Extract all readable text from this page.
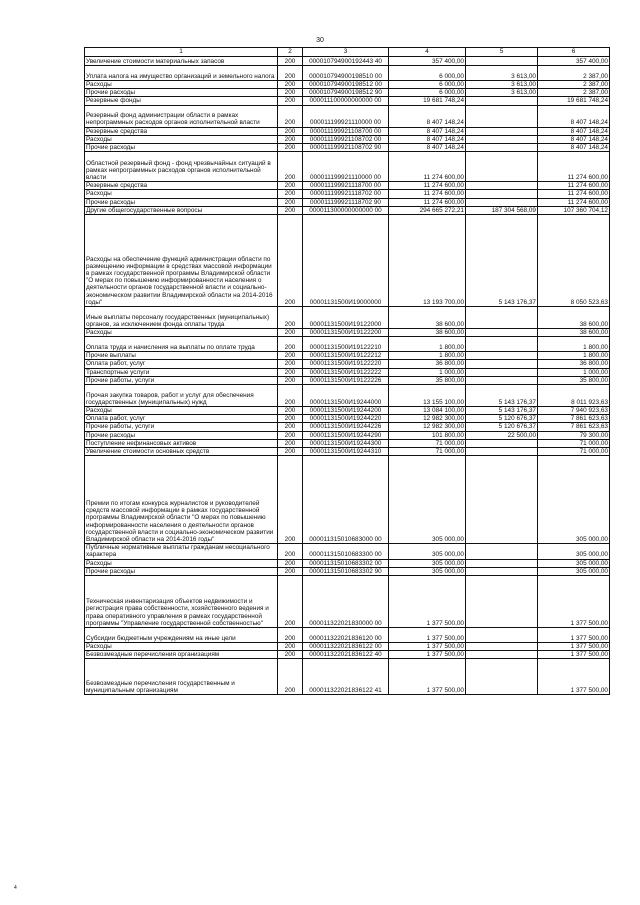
30
1	2	3	4	5	6
Увеличение стоимости материальных запасов	200	000010794900192443 40	357 400,00		357 400,00
Уплата налога на имущество организаций и земельного налога	200	000010794900198510 00	6 000,00	3 613,00	2 387,00
Расходы	200	000010794900198512 00	6 000,00	3 613,00	2 387,00
Прочие расходы	200	000010794900198512 90	6 000,00	3 613,00	2 387,00
Резервные фонды	200	000011100000000000 00	19 681 748,24		19 681 748,24
Резервный фонд администрации области в рамках непрограммных расходов органов исполнительной власти	200	000011199921110000 00	8 407 148,24		8 407 148,24
Резервные средства	200	000011199921108700 00	8 407 148,24		8 407 148,24
Расходы	200	000011199921108702 00	8 407 148,24		8 407 148,24
Прочие расходы	200	000011199921108702 90	8 407 148,24		8 407 148,24
Областной резервный фонд - фонд чрезвычайных ситуаций в рамках непрограммных расходов органов исполнительной власти	200	000011199921110000 00	11 274 600,00		11 274 600,00
Резервные средства	200	000011199921118700 00	11 274 600,00		11 274 600,00
Расходы	200	000011199921118702 00	11 274 600,00		11 274 600,00
Прочие расходы	200	000011199921118702 90	11 274 600,00		11 274 600,00
Другие общегосударственные вопросы	200	000011300000000000 00	294 665 272,21	187 304 568,09	107 360 704,12
Расходы на обеспечение функций администрации области по размещению информации в средствах массовой информации в рамках государственной программы Владимирской области "О мерах по повышению информированности населения о деятельности органов государственной власти и социально-экономическом развитии Владимирской области на 2014-2016 годы"	200	00001131500И19000000	13 193 700,00	5 143 176,37	8 050 523,63
Иные выплаты персоналу государственных (муниципальных) органов, за исключением фонда оплаты труда	200	00001131500И19122000	38 600,00		38 600,00
Расходы	200	00001131500И19122200	38 600,00		38 600,00
Оплата труда и начисления на выплаты по оплате труда	200	00001131500И19122210	1 800,00		1 800,00
Прочие выплаты	200	00001131500И19122212	1 800,00		1 800,00
Оплата работ, услуг	200	00001131500И19122220	36 800,00		36 800,00
Транспортные услуги	200	00001131500И19122222	1 000,00		1 000,00
Прочие работы, услуги	200	00001131500И19122226	35 800,00		35 800,00
Прочая закупка товаров, работ и услуг для обеспечения государственных (муниципальных) нужд	200	00001131500И19244000	13 155 100,00	5 143 176,37	8 011 923,63
Расходы	200	00001131500И19244200	13 084 100,00	5 143 176,37	7 940 923,63
Оплата работ, услуг	200	00001131500И19244220	12 982 300,00	5 120 676,37	7 861 623,63
Прочие работы, услуги	200	00001131500И19244226	12 982 300,00	5 120 676,37	7 861 623,63
Прочие расходы	200	00001131500И19244290	101 800,00	22 500,00	79 300,00
Поступление нефинансовых активов	200	00001131500И19244300	71 000,00		71 000,00
Увеличение стоимости основных средств	200	00001131500И19244310	71 000,00		71 000,00
Премии по итогам конкурса журналистов и руководителей средств массовой информации в рамках государственной программы Владимирской области "О мерах по повышению информированности населения о деятельности органов государственной власти и социально-экономическом развитии Владимирской области на 2014-2016 годы"	200	000011315010683000 00	305 000,00		305 000,00
Публичные нормативные выплаты гражданам несоциального характера	200	000011315010683300 00	305 000,00		305 000,00
Расходы	200	000011315010683302 00	305 000,00		305 000,00
Прочие расходы	200	000011315010683302 90	305 000,00		305 000,00
Техническая инвентаризация объектов недвижимости и регистрация права собственности, хозяйственного ведения и права оперативного управления в рамках государственной программы "Управление государственной собственностью"	200	000011322021830000 00	1 377 500,00		1 377 500,00
Субсидии бюджетным учреждениям на иные цели	200	000011322021836120 00	1 377 500,00		1 377 500,00
Расходы	200	000011322021836122 00	1 377 500,00		1 377 500,00
Безвозмездные перечисления организациям	200	000011322021836122 40	1 377 500,00		1 377 500,00
Безвозмездные перечисления государственным и муниципальным организациям	200	000011322021836122 41	1 377 500,00		1 377 500,00
4
